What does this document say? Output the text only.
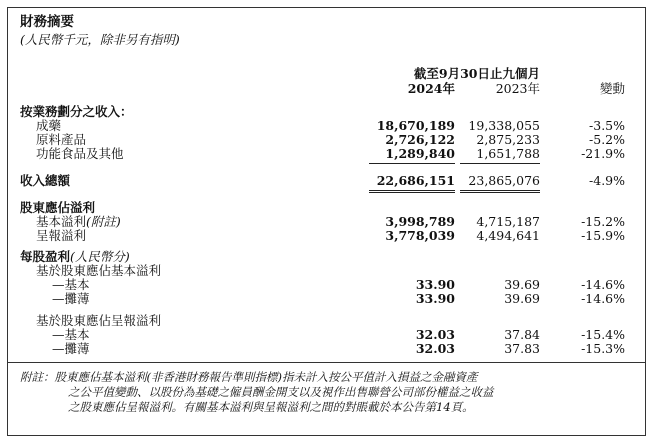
財務摘要
(人民幣千元，除非另有指明)
截至9月30日止九個月
2024年	2023年	變動
按業務劃分之收入：
成藥	18,670,189 19,338,055	-3.5%
原料產品	2,726,122 2,875,233	-5.2%
功能食品及其他	1,289,840 1,651,788	-21.9%
收入總額	22,686,151 23,865,076	-4.9%
股東應佔溢利
基本溢利(附註)	3,998,789 4,715,187	-15.2%
呈報溢利	3,778,039 4,494,641	-15.9%
每股盈利(人民幣分)
基於股東應佔基本溢利
—基本	33.90	39.69	-14.6%
—攤薄	33.90	39.69	-14.6%
基於股東應佔呈報溢利
—基本	32.03	37.84	-15.4%
—攤薄	32.03	37.83	-15.3%
附註：股東應佔基本溢利(非香港財務報告準則指標)指未計入按公平值計入損益之金融資產
之公平值變動、以股份為基礎之僱員酬金開支以及視作出售聯營公司部份權益之收益
之股東應佔呈報溢利。有關基本溢利與呈報溢利之間的對賬載於本公告第14頁。
